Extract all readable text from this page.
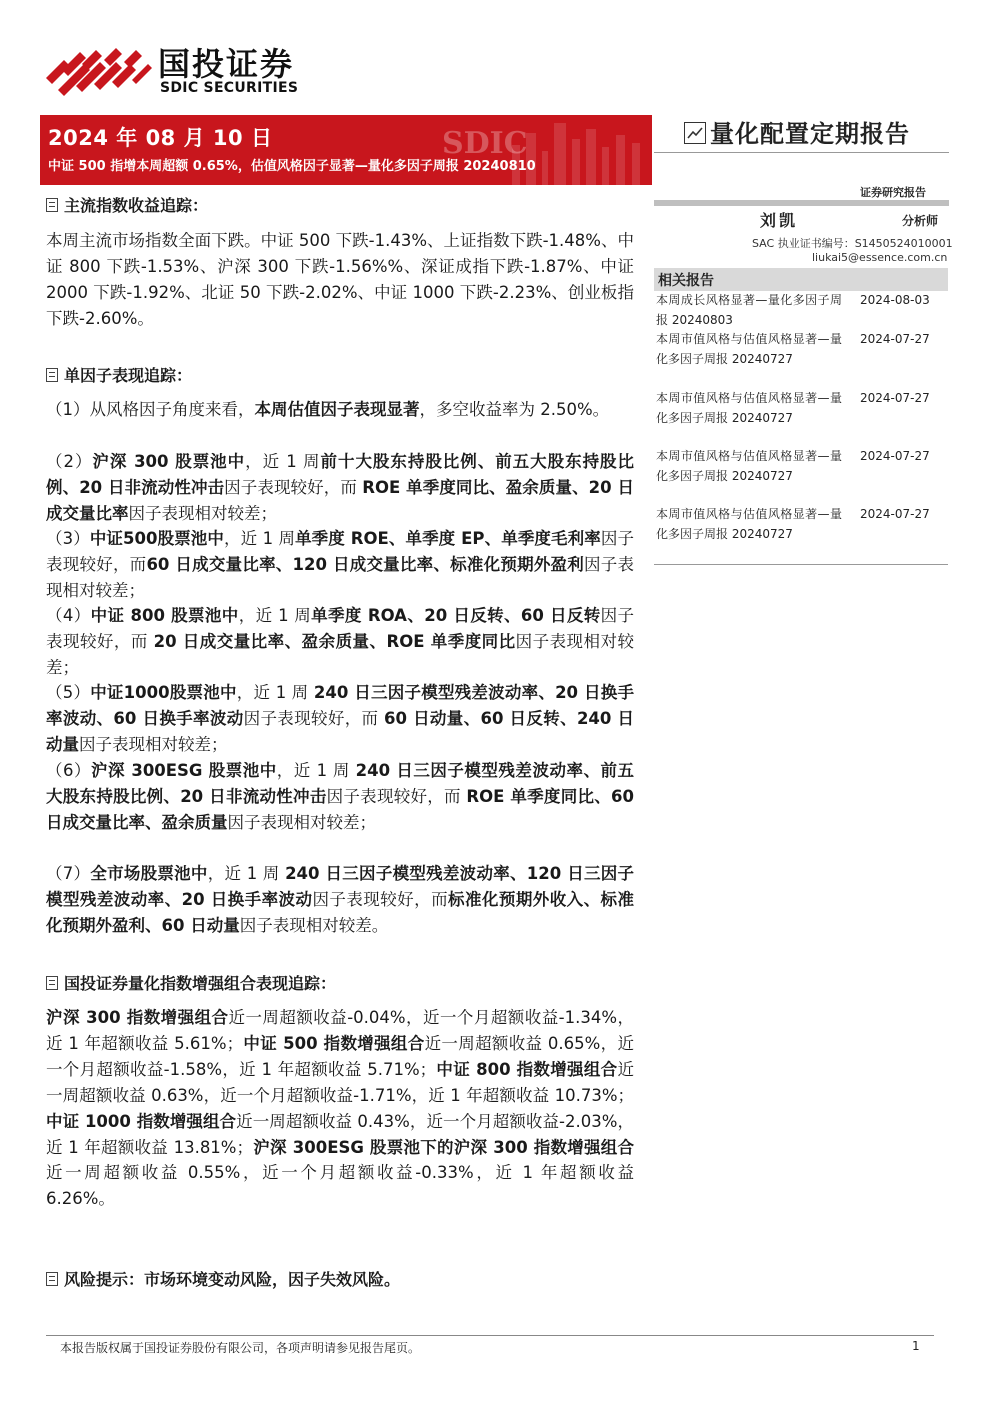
国投证券
SDIC SECURITIES
SDIC
2024 年 08 月 10 日
中证 500 指增本周超额 0.65%，估值风格因子显著—量化多因子周报 20240810
量化配置定期报告
证券研究报告
刘凯	分析师
SAC 执业证书编号：S1450524010001
liukai5@essence.com.cn
相关报告
本周成长风格显著—量化多因子周报 20240803
2024-08-03
本周市值风格与估值风格显著—量化多因子周报 20240727
2024-07-27
本周市值风格与估值风格显著—量化多因子周报 20240727
2024-07-27
本周市值风格与估值风格显著—量化多因子周报 20240727
2024-07-27
本周市值风格与估值风格显著—量化多因子周报 20240727
2024-07-27
主流指数收益追踪：
本周主流市场指数全面下跌。中证 500 下跌-1.43%、上证指数下跌-1.48%、中证 800 下跌-1.53%、沪深 300 下跌-1.56%%、深证成指下跌-1.87%、中证 2000 下跌-1.92%、北证 50 下跌-2.02%、中证 1000 下跌-2.23%、创业板指下跌-2.60%。
单因子表现追踪：
（1）从风格因子角度来看，本周估值因子表现显著，多空收益率为 2.50%。
（2）沪深 300 股票池中，近 1 周前十大股东持股比例、前五大股东持股比例、20 日非流动性冲击因子表现较好，而 ROE 单季度同比、盈余质量、20 日成交量比率因子表现相对较差；
（3）中证500股票池中，近 1 周单季度 ROE、单季度 EP、单季度毛利率因子表现较好，而60 日成交量比率、120 日成交量比率、标准化预期外盈利因子表现相对较差；
（4）中证 800 股票池中，近 1 周单季度 ROA、20 日反转、60 日反转因子表现较好，而 20 日成交量比率、盈余质量、ROE 单季度同比因子表现相对较差；
（5）中证1000股票池中，近 1 周 240 日三因子模型残差波动率、20 日换手率波动、60 日换手率波动因子表现较好，而 60 日动量、60 日反转、240 日动量因子表现相对较差；
（6）沪深 300ESG 股票池中，近 1 周 240 日三因子模型残差波动率、前五大股东持股比例、20 日非流动性冲击因子表现较好，而 ROE 单季度同比、60 日成交量比率、盈余质量因子表现相对较差；
（7）全市场股票池中，近 1 周 240 日三因子模型残差波动率、120 日三因子模型残差波动率、20 日换手率波动因子表现较好，而标准化预期外收入、标准化预期外盈利、60 日动量因子表现相对较差。
国投证券量化指数增强组合表现追踪：
沪深 300 指数增强组合近一周超额收益-0.04%，近一个月超额收益-1.34%，近 1 年超额收益 5.61%；中证 500 指数增强组合近一周超额收益 0.65%，近一个月超额收益-1.58%，近 1 年超额收益 5.71%；中证 800 指数增强组合近一周超额收益 0.63%，近一个月超额收益-1.71%，近 1 年超额收益 10.73%；中证 1000 指数增强组合近一周超额收益 0.43%，近一个月超额收益-2.03%，近 1 年超额收益 13.81%；沪深 300ESG 股票池下的沪深 300 指数增强组合近一周超额收益 0.55%，近一个月超额收益-0.33%，近 1 年超额收益 6.26%。
风险提示：市场环境变动风险，因子失效风险。
本报告版权属于国投证券股份有限公司，各项声明请参见报告尾页。	1
